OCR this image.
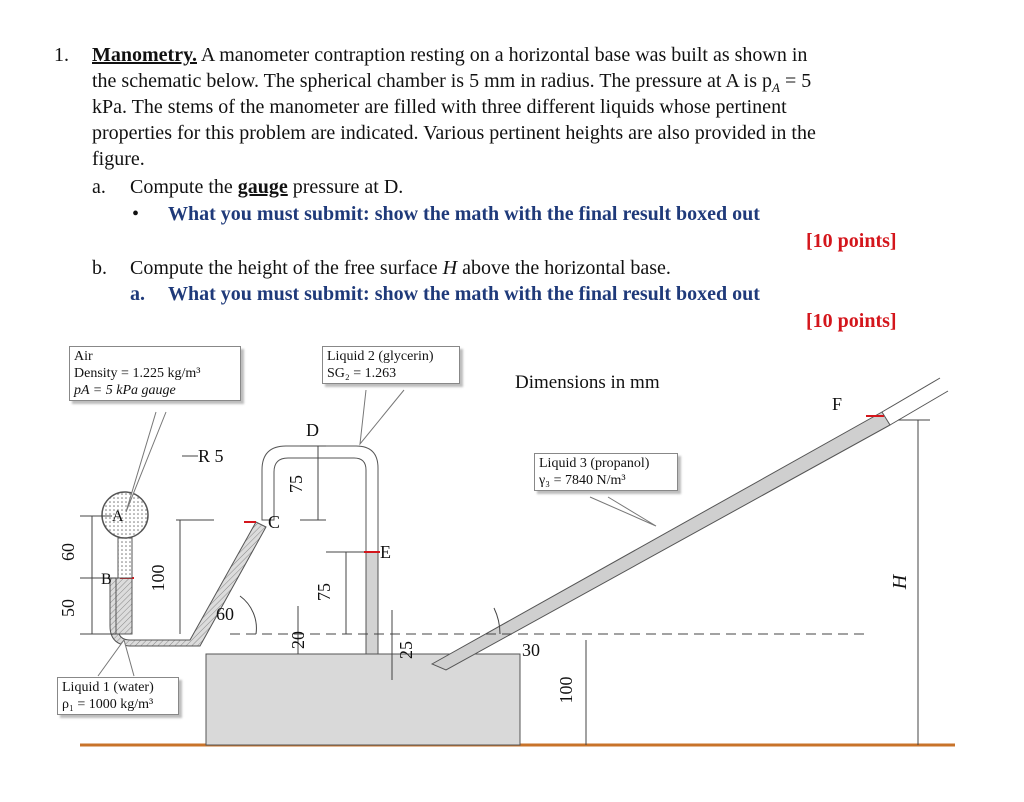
1. Manometry. A manometer contraption resting on a horizontal base was built as shown in
the schematic below. The spherical chamber is 5 mm in radius. The pressure at A is $p_A = 5$
kPa. The stems of the manometer are filled with three different liquids whose pertinent
properties for this problem are indicated. Various pertinent heights are also provided in the
figure.
a. Compute the gauge pressure at D.
• What you must submit: show the math with the final result boxed out
[10 points]
b. Compute the height of the free surface H above the horizontal base.
a. What you must submit: show the math with the final result boxed out
[10 points]
A
B
C
D
E
F
R 5
60
30
Dimensions in mm
60
50
100
75
75
20
25
100
H
Air
Density = 1.225 kg/m³
pA = 5 kPa gauge
Liquid 2 (glycerin)
SG₂ = 1.263
Liquid 3 (propanol)
γ₃ = 7840 N/m³
Liquid 1 (water)
ρ₁ = 1000 kg/m³
